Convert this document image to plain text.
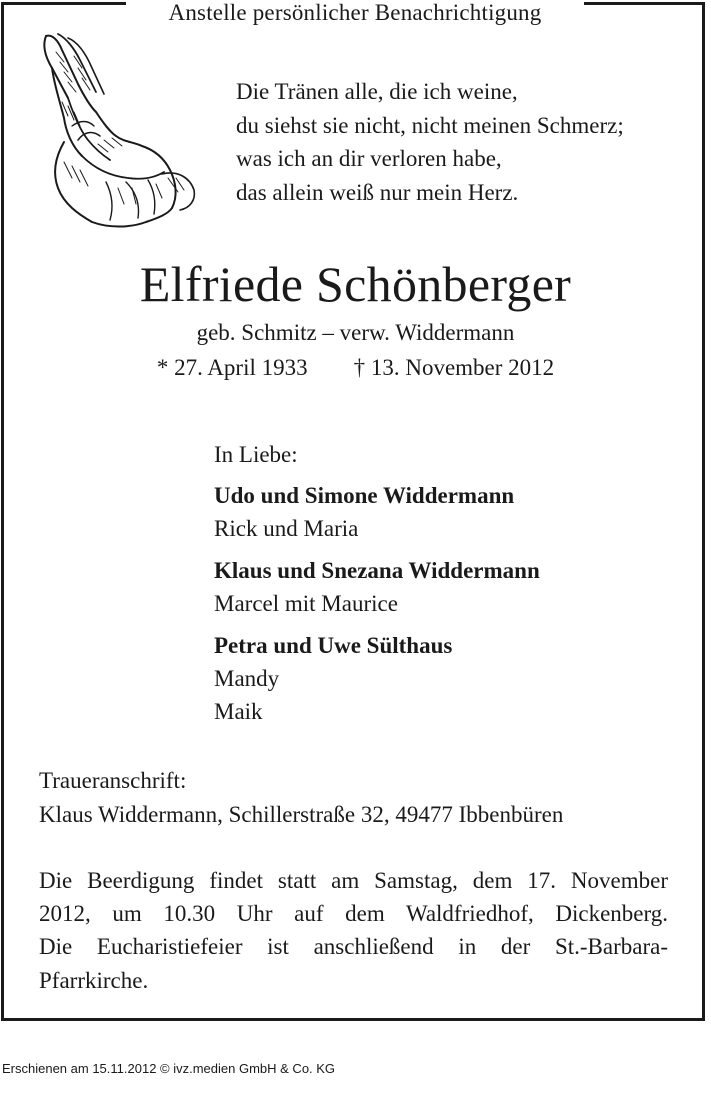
Anstelle persönlicher Benachrichtigung
Die Tränen alle, die ich weine,
du siehst sie nicht, nicht meinen Schmerz;
was ich an dir verloren habe,
das allein weiß nur mein Herz.
Elfriede Schönberger
geb. Schmitz – verw. Widdermann
* 27. April 1933 † 13. November 2012
In Liebe:
Udo und Simone Widdermann
Rick und Maria
Klaus und Snezana Widdermann
Marcel mit Maurice
Petra und Uwe Sülthaus
Mandy
Maik
Traueranschrift:
Klaus Widdermann, Schillerstraße 32, 49477 Ibbenbüren
Die Beerdigung findet statt am Samstag, dem 17. November
2012, um 10.30 Uhr auf dem Waldfriedhof, Dickenberg.
Die Eucharistiefeier ist anschließend in der St.-Barbara-
Pfarrkirche.
Erschienen am 15.11.2012 © ivz.medien GmbH & Co. KG
